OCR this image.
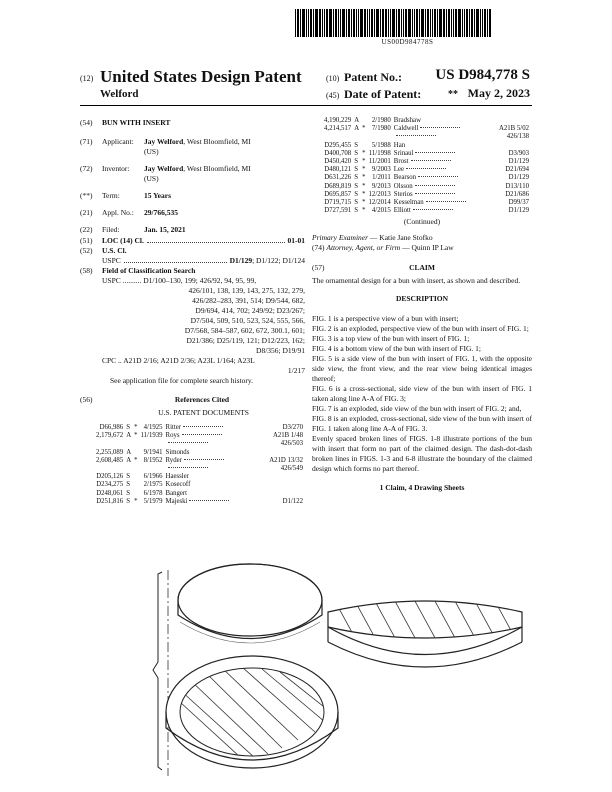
US00D984778S
(12) United States Design Patent
Welford
(10) Patent No.:	US D984,778 S
(45) Date of Patent:	** May 2, 2023
(54) BUN WITH INSERT
(71) Applicant: Jay Welford, West Bloomfield, MI
(US)
(72) Inventor: Jay Welford, West Bloomfield, MI
(US)
(**) Term:	15 Years
(21) Appl. No.: 29/766,535
(22) Filed:	Jan. 15, 2021
(51)	LOC (14) Cl.	01-01
(52) U.S. Cl.
USPC	D1/129 ; D1/122; D1/124
(58) Field of Classification Search
USPC .......... D1/100–130, 199; 426/92, 94, 95, 99,
426/101, 138, 139, 143, 275, 132, 279,
426/282–283, 391, 514; D9/544, 682,
D9/694, 414, 702; 249/92; D23/267;
D7/504, 509, 510, 523, 524, 555, 566,
D7/568, 584–587, 602, 672, 300.1, 601;
D21/386; D25/119, 121; D12/223, 162;
D8/356; D19/91
CPC .. A21D 2/16; A21D 2/36; A23L 1/164; A23L
1/217
See application file for complete search history.
(56)	References Cited
U.S. PATENT DOCUMENTS
D66,986	S	*	4/1925	Ritter	D3/270
2,179,672	A	*	11/1939	Roys	A21B 1/48
					426/503
2,255,089	A		9/1941	Simonds	
2,608,485	A	*	8/1952	Ryder	A21D 13/32
					426/549
D205,126	S		6/1966	Haessler	
D234,275	S		2/1975	Kosecoff	
D248,061	S		6/1978	Bangert	
D251,816	S	*	5/1979	Majeski	D1/122
4,190,229	A		2/1980	Bradshaw	
4,214,517	A	*	7/1980	Caldwell	A21B 5/02
					426/138
D295,455	S		5/1988	Han	
D400,708	S	*	11/1998	Srinaul	D3/903
D450,420	S	*	11/2001	Brost	D1/129
D480,121	S	*	9/2003	Lee	D21/694
D631,226	S	*	1/2011	Bearson	D1/129
D689,819	S	*	9/2013	Olsson	D13/110
D695,857	S	*	12/2013	Sterios	D21/686
D719,715	S	*	12/2014	Kesselman	D99/37
D727,591	S	*	4/2015	Elliott	D1/129
(Continued)
Primary Examiner — Katie Jane Stofko
(74) Attorney, Agent, or Firm — Quinn IP Law
(57)	CLAIM

The ornamental design for a bun with insert, as shown and described.

DESCRIPTION

FIG. 1 is a perspective view of a bun with insert;

FIG. 2 is an exploded, perspective view of the bun with insert of FIG. 1;

FIG. 3 is a top view of the bun with insert of FIG. 1;

FIG. 4 is a bottom view of the bun with insert of FIG. 1;

FIG. 5 is a side view of the bun with insert of FIG. 1, with the opposite side view, the front view, and the rear view being identical images thereof;

FIG. 6 is a cross-sectional, side view of the bun with insert of FIG. 1 taken along line A-A of FIG. 3;

FIG. 7 is an exploded, side view of the bun with insert of FIG. 2; and,

FIG. 8 is an exploded, cross-sectional, side view of the bun with insert of FIG. 1 taken along line A-A of FIG. 3.

Evenly spaced broken lines of FIGS. 1-8 illustrate portions of the bun with insert that form no part of the claimed design. The dash-dot-dash broken lines in FIGS. 1-3 and 6-8 illustrate the boundary of the claimed design which forms no part thereof.

1 Claim, 4 Drawing Sheets
